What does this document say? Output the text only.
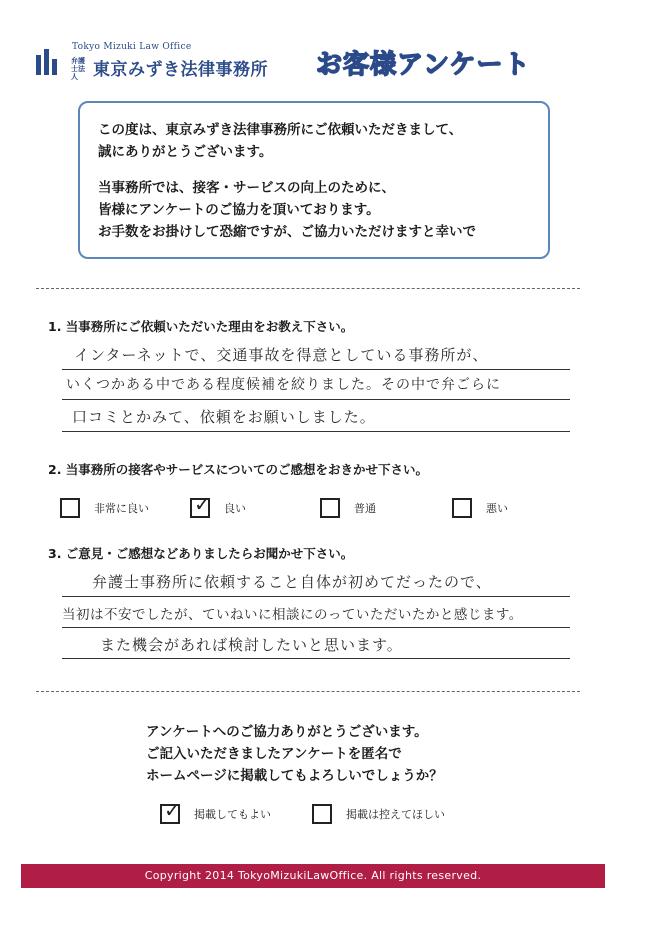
Tokyo Mizuki Law Office
弁護士法人 東京みずき法律事務所 お客様アンケート

この度は、東京みずき法律事務所にご依頼いただきまして、

誠にありがとうございます。

当事務所では、接客・サービスの向上のために、

皆様にアンケートのご協力を頂いております。

お手数をお掛けして恐縮ですが、ご協力いただけますと幸いで

1. 当事務所にご依頼いただいた理由をお教え下さい。
インターネットで、交通事故を得意としている事務所が、
いくつかある中である程度候補を絞りました。その中で弁ごらに
口コミとかみて、依頼をお願いしました。
2. 当事務所の接客やサービスについてのご感想をおきかせ下さい。
非常に良い ✓ 良い	普通	悪い
3. ご意見・ご感想などありましたらお聞かせ下さい。
弁護士事務所に依頼すること自体が初めてだったので、
当初は不安でしたが、ていねいに相談にのっていただいたかと感じます。
また機会があれば検討したいと思います。

アンケートへのご協力ありがとうございます。

ご記入いただきましたアンケートを匿名で

ホームページに掲載してもよろしいでしょうか？

✓ 掲載してもよい	掲載は控えてほしい
Copyright 2014 TokyoMizukiLawOffice. All rights reserved.
